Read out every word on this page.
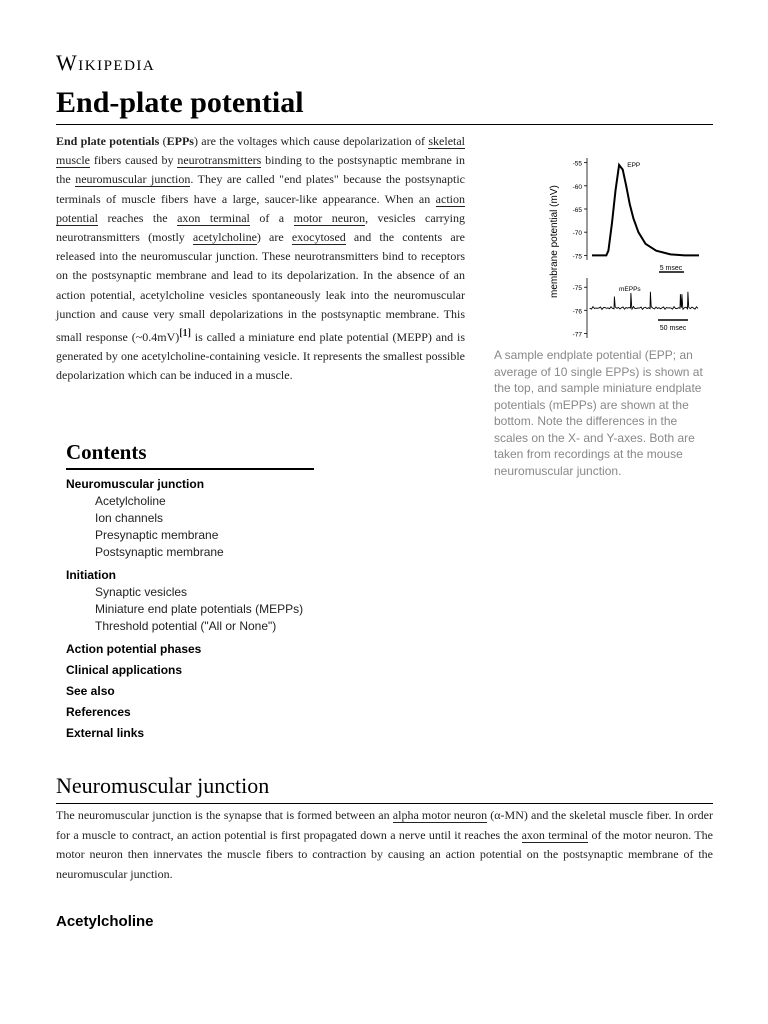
Wikipedia
End-plate potential

End plate potentials (EPPs) are the voltages which cause depolarization of skeletal muscle fibers caused by neurotransmitters binding to the postsynaptic membrane in the neuromuscular junction. They are called "end plates" because the postsynaptic terminals of muscle fibers have a large, saucer-like appearance. When an action potential reaches the axon terminal of a motor neuron, vesicles carrying neurotransmitters (mostly acetylcholine) are exocytosed and the contents are released into the neuromuscular junction. These neurotransmitters bind to receptors on the postsynaptic membrane and lead to its depolarization. In the absence of an action potential, acetylcholine vesicles spontaneously leak into the neuromuscular junction and cause very small depolarizations in the postsynaptic membrane. This small response (~0.4mV)[1] is called a miniature end plate potential (MEPP) and is generated by one acetylcholine-containing vesicle. It represents the smallest possible depolarization which can be induced in a muscle.

membrane potential (mV)
-55
-60
-65
-70
-75
EPP
5 msec
-75
-76
-77
mEPPs
50 msec

A sample endplate potential (EPP; an average of 10 single EPPs) is shown at the top, and sample miniature endplate potentials (mEPPs) are shown at the bottom. Note the differences in the scales on the X- and Y-axes. Both are taken from recordings at the mouse neuromuscular junction.

Contents
Neuromuscular junction
Acetylcholine
Ion channels
Presynaptic membrane
Postsynaptic membrane
Initiation
Synaptic vesicles
Miniature end plate potentials (MEPPs)
Threshold potential ("All or None")
Action potential phases
Clinical applications
See also
References
External links
Neuromuscular junction

The neuromuscular junction is the synapse that is formed between an alpha motor neuron (α-MN) and the skeletal muscle fiber. In order for a muscle to contract, an action potential is first propagated down a nerve until it reaches the axon terminal of the motor neuron. The motor neuron then innervates the muscle fibers to contraction by causing an action potential on the postsynaptic membrane of the neuromuscular junction.

Acetylcholine
